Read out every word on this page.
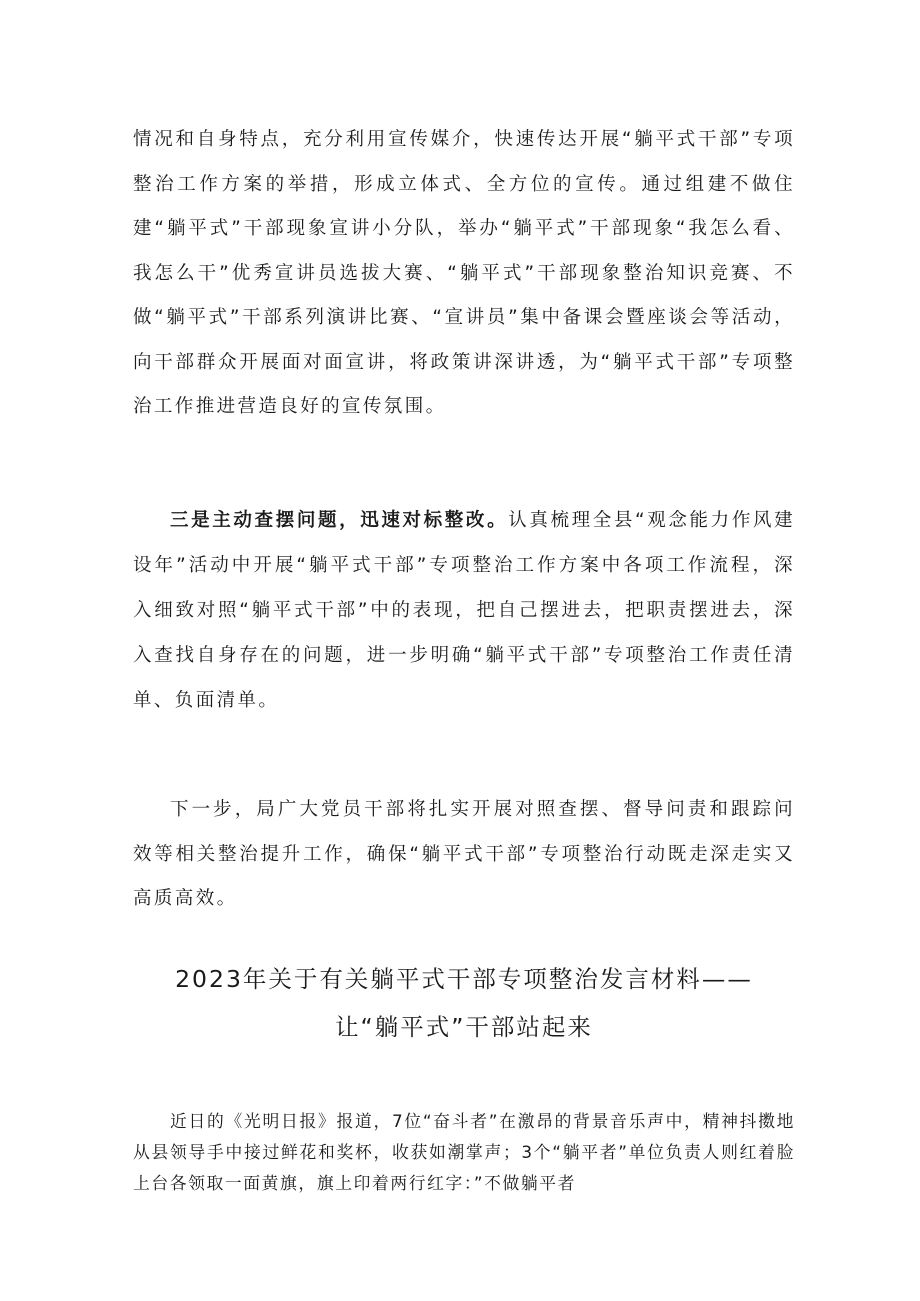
情况和自身特点，充分利用宣传媒介，快速传达开展“躺平式干部”专项整治工作方案的举措，形成立体式、全方位的宣传。通过组建不做住建“躺平式”干部现象宣讲小分队，举办“躺平式”干部现象“我怎么看、我怎么干”优秀宣讲员选拔大赛、“躺平式”干部现象整治知识竞赛、不做“躺平式”干部系列演讲比赛、“宣讲员”集中备课会暨座谈会等活动，向干部群众开展面对面宣讲，将政策讲深讲透，为“躺平式干部”专项整治工作推进营造良好的宣传氛围。

三是主动查摆问题，迅速对标整改。认真梳理全县“观念能力作风建设年”活动中开展“躺平式干部”专项整治工作方案中各项工作流程，深入细致对照“躺平式干部”中的表现，把自己摆进去，把职责摆进去，深入查找自身存在的问题，进一步明确“躺平式干部”专项整治工作责任清单、负面清单。

下一步，局广大党员干部将扎实开展对照查摆、督导问责和跟踪问效等相关整治提升工作，确保“躺平式干部”专项整治行动既走深走实又高质高效。

2023年关于有关躺平式干部专项整治发言材料——
让“躺平式”干部站起来

近日的《光明日报》报道，7位“奋斗者”在激昂的背景音乐声中，精神抖擞地从县领导手中接过鲜花和奖杯，收获如潮掌声；3个“躺平者”单位负责人则红着脸上台各领取一面黄旗，旗上印着两行红字：”不做躺平者
